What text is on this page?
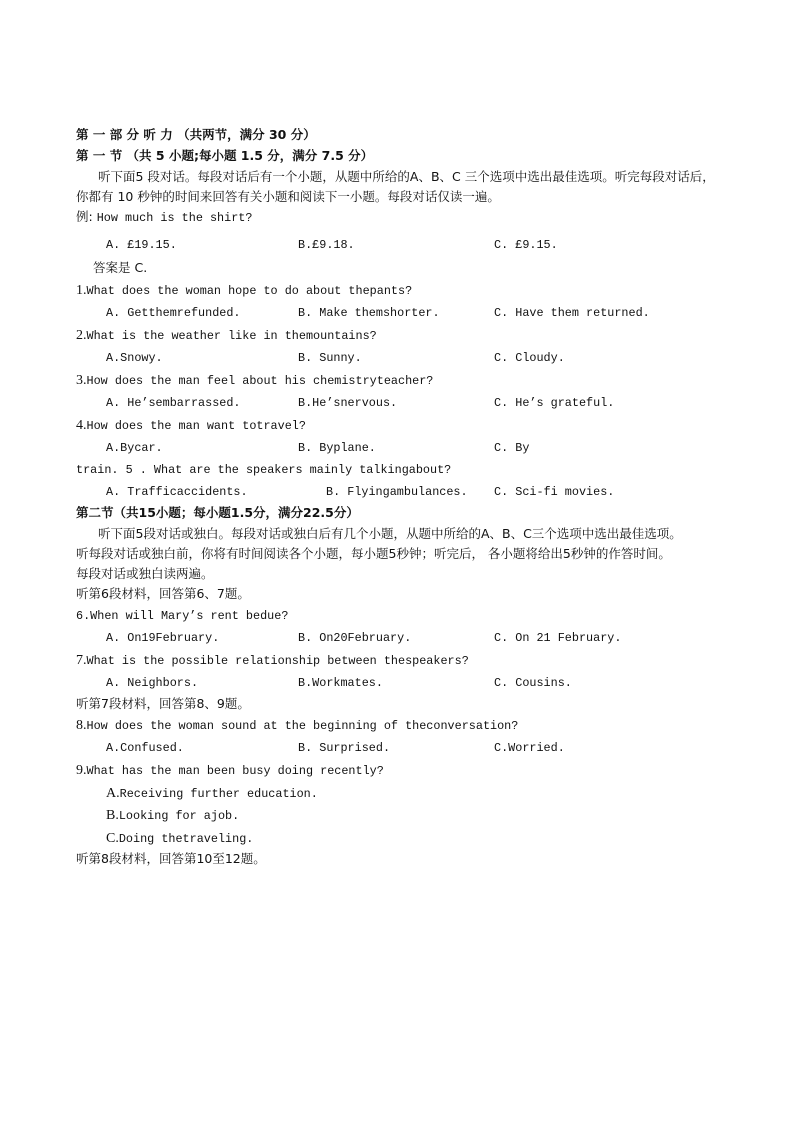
第 一 部 分 听 力 （共两节，满分 30 分）
第 一 节 （共 5 小题;每小题 1.5 分，满分 7.5 分）
听下面5 段对话。每段对话后有一个小题，从题中所给的A、B、C 三个选项中选出最佳选项。听完每段对话后，
你都有 10 秒钟的时间来回答有关小题和阅读下一小题。每段对话仅读一遍。
例: How much is the shirt?
A. £19.15.	B.£9.18.	C. £9.15.
答案是 C.
1.What does the woman hope to do about thepants?
A. Getthemrefunded.	B. Make themshorter.	C. Have them returned.
2.What is the weather like in themountains?
A.Snowy.	B. Sunny.	C. Cloudy.
3.How does the man feel about his chemistryteacher?
A. He’sembarrassed.	B.He’snervous.	C. He’s grateful.
4.How does the man want totravel?
A.Bycar.	B. Byplane.	C. By
train. 5 . What are the speakers mainly talkingabout?
A. Trafficaccidents.	B. Flyingambulances. C. Sci-fi movies.
第二节（共15小题；每小题1.5分，满分22.5分）
听下面5段对话或独白。每段对话或独白后有几个小题，从题中所给的A、B、C三个选项中选出最佳选项。
听每段对话或独白前，你将有时间阅读各个小题，每小题5秒钟；听完后， 各小题将给出5秒钟的作答时间。
每段对话或独白读两遍。
听第6段材料，回答第6、7题。
6.When will Mary’s rent bedue?
A. On19February.	B. On20February.	C. On 21 February.
7.What is the possible relationship between thespeakers?
A. Neighbors.	B.Workmates.	C. Cousins.
听第7段材料，回答第8、9题。
8.How does the woman sound at the beginning of theconversation?
A.Confused.	B. Surprised.	C.Worried.
9.What has the man been busy doing recently?
A.Receiving further education.
B.Looking for ajob.
C.Doing thetraveling.
听第8段材料，回答第10至12题。
